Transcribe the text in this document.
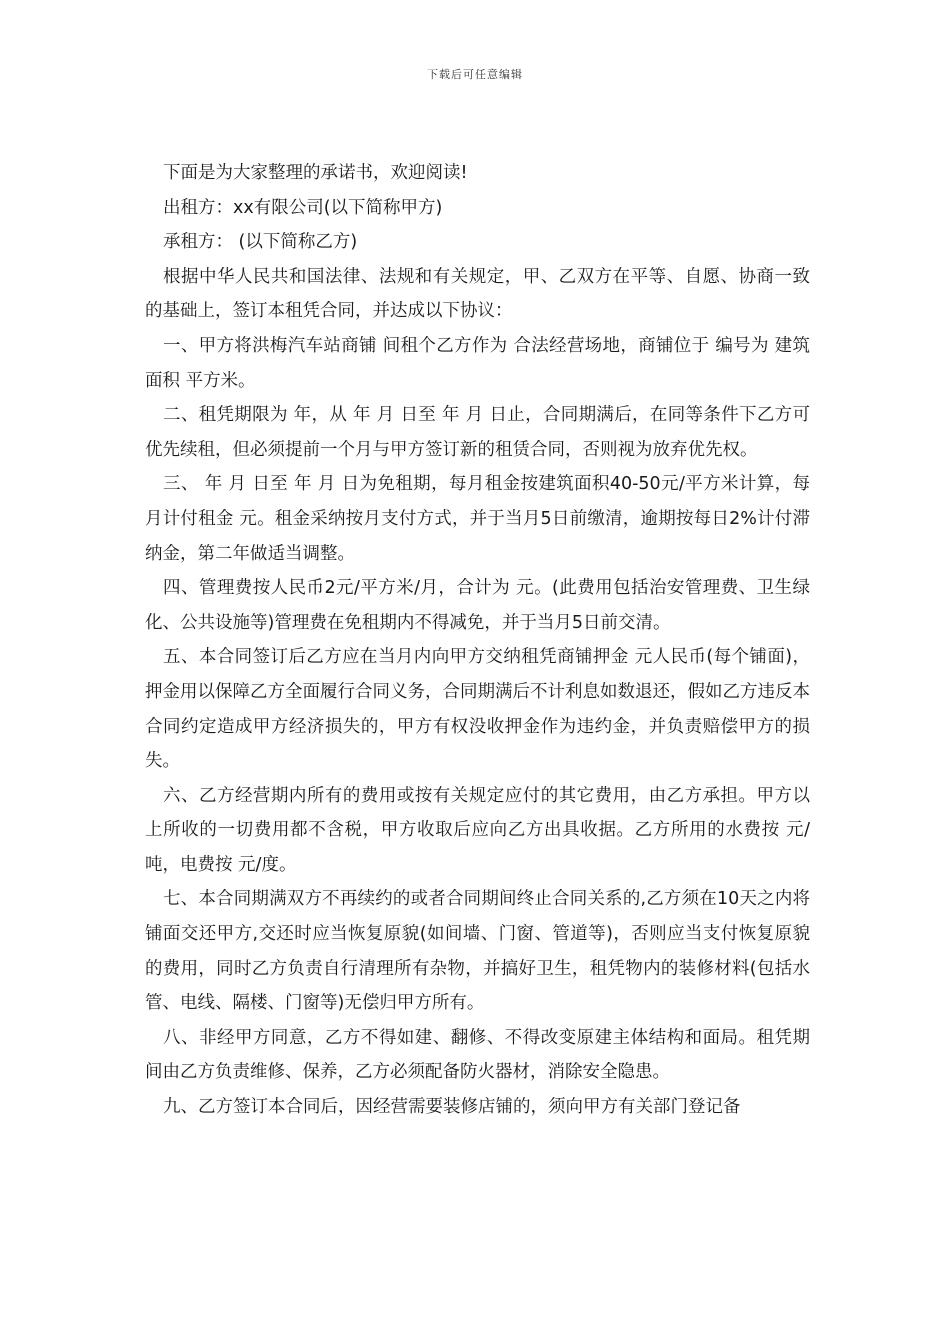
下载后可任意编辑

下面是为大家整理的承诺书，欢迎阅读!

出租方：xx有限公司(以下简称甲方)

承租方： (以下简称乙方)

根据中华人民共和国法律、法规和有关规定，甲、乙双方在平等、自愿、协商一致的基础上，签订本租凭合同，并达成以下协议：

一、甲方将洪梅汽车站商铺 间租个乙方作为 合法经营场地，商铺位于 编号为 建筑面积 平方米。

二、租凭期限为 年，从 年 月 日至 年 月 日止，合同期满后，在同等条件下乙方可优先续租，但必须提前一个月与甲方签订新的租赁合同，否则视为放弃优先权。

三、 年 月 日至 年 月 日为免租期，每月租金按建筑面积40-50元/平方米计算，每月计付租金 元。租金采纳按月支付方式，并于当月5日前缴清，逾期按每日2%计付滞纳金，第二年做适当调整。

四、管理费按人民币2元/平方米/月，合计为 元。(此费用包括治安管理费、卫生绿化、公共设施等)管理费在免租期内不得减免，并于当月5日前交清。

五、本合同签订后乙方应在当月内向甲方交纳租凭商铺押金 元人民币(每个铺面)，押金用以保障乙方全面履行合同义务，合同期满后不计利息如数退还，假如乙方违反本合同约定造成甲方经济损失的，甲方有权没收押金作为违约金，并负责赔偿甲方的损失。

六、乙方经营期内所有的费用或按有关规定应付的其它费用，由乙方承担。甲方以上所收的一切费用都不含税，甲方收取后应向乙方出具收据。乙方所用的水费按 元/吨，电费按 元/度。

七、本合同期满双方不再续约的或者合同期间终止合同关系的,乙方须在10天之内将铺面交还甲方,交还时应当恢复原貌(如间墙、门窗、管道等)，否则应当支付恢复原貌的费用，同时乙方负责自行清理所有杂物，并搞好卫生，租凭物内的装修材料(包括水管、电线、隔楼、门窗等)无偿归甲方所有。

八、非经甲方同意，乙方不得如建、翻修、不得改变原建主体结构和面局。租凭期间由乙方负责维修、保养，乙方必须配备防火器材，消除安全隐患。

九、乙方签订本合同后，因经营需要装修店铺的，须向甲方有关部门登记备
